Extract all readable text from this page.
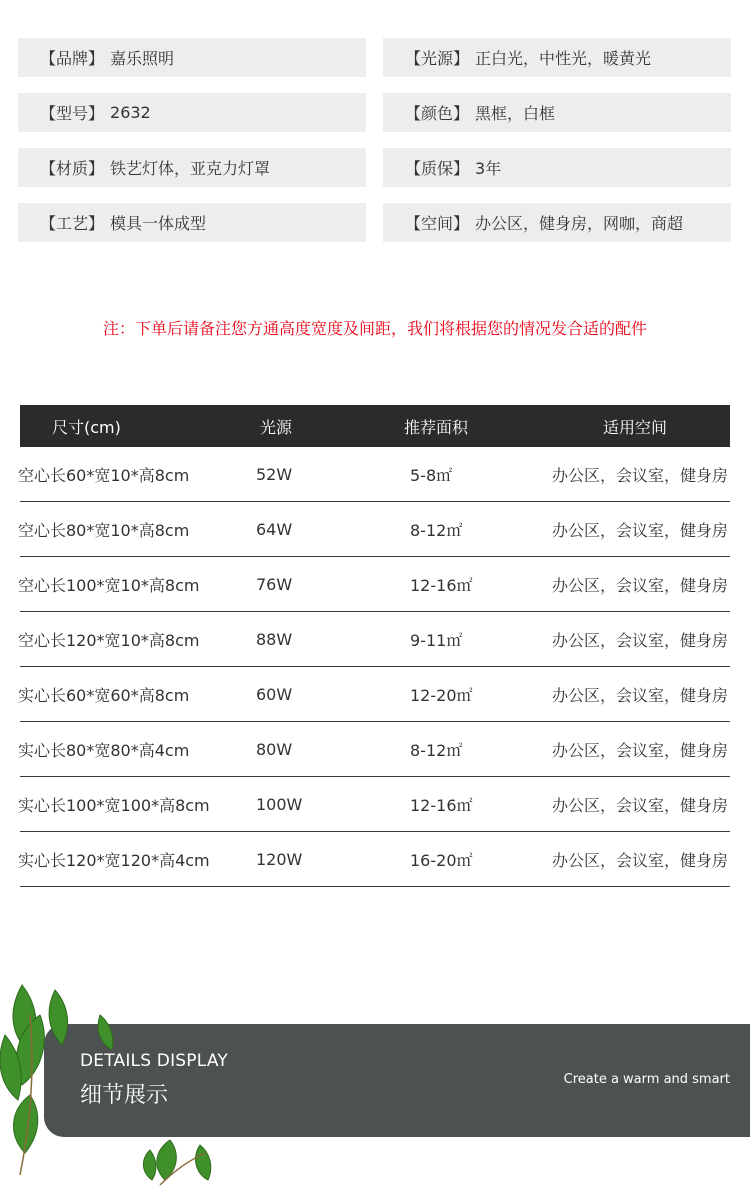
【品牌】 嘉乐照明	【光源】 正白光，中性光，暖黄光
【型号】 2632	【颜色】 黑框，白框
【材质】 铁艺灯体，亚克力灯罩	【质保】 3年
【工艺】 模具一体成型	【空间】 办公区，健身房，网咖，商超
注：下单后请备注您方通高度宽度及间距，我们将根据您的情况发合适的配件
尺寸(cm)	光源	推荐面积	适用空间
空心长60*宽10*高8cm	52W	5-8㎡	办公区，会议室，健身房
空心长80*宽10*高8cm	64W	8-12㎡	办公区，会议室，健身房
空心长100*宽10*高8cm	76W	12-16㎡	办公区，会议室，健身房
空心长120*宽10*高8cm	88W	9-11㎡	办公区，会议室，健身房
实心长60*宽60*高8cm	60W	12-20㎡	办公区，会议室，健身房
实心长80*宽80*高4cm	80W	8-12㎡	办公区，会议室，健身房
实心长100*宽100*高8cm	100W	12-16㎡	办公区，会议室，健身房
实心长120*宽120*高4cm	120W	16-20㎡	办公区，会议室，健身房
DETAILS DISPLAY
细节展示
Create a warm and smart
